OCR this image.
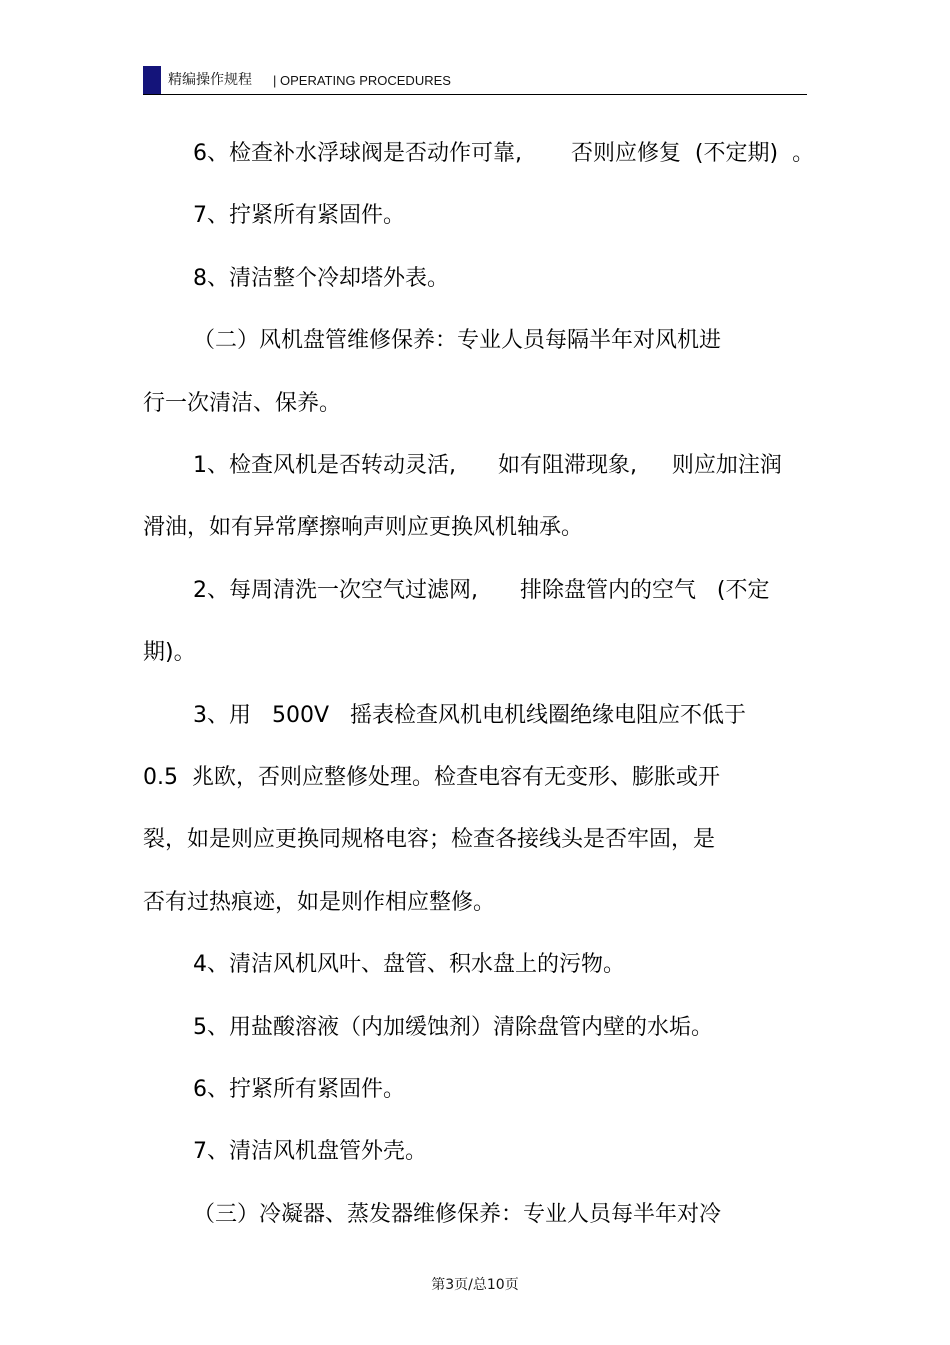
精编操作规程 | OPERATING PROCEDURES
6、检查补水浮球阀是否动作可靠,       否则应修复  (不定期)  。
7、拧紧所有紧固件。
8、清洁整个冷却塔外表。
（二）风机盘管维修保养：专业人员每隔半年对风机进
行一次清洁、保养。
1、检查风机是否转动灵活,      如有阻滞现象,     则应加注润
滑油，如有异常摩擦响声则应更换风机轴承。
2、每周清洗一次空气过滤网,      排除盘管内的空气   (不定
期)。
3、用   500V   摇表检查风机电机线圈绝缘电阻应不低于
0.5  兆欧，否则应整修处理。检查电容有无变形、膨胀或开
裂，如是则应更换同规格电容；检查各接线头是否牢固，是
否有过热痕迹，如是则作相应整修。
4、清洁风机风叶、盘管、积水盘上的污物。
5、用盐酸溶液（内加缓蚀剂）清除盘管内壁的水垢。
6、拧紧所有紧固件。
7、清洁风机盘管外壳。
（三）冷凝器、蒸发器维修保养：专业人员每半年对冷
第3页/总10页
